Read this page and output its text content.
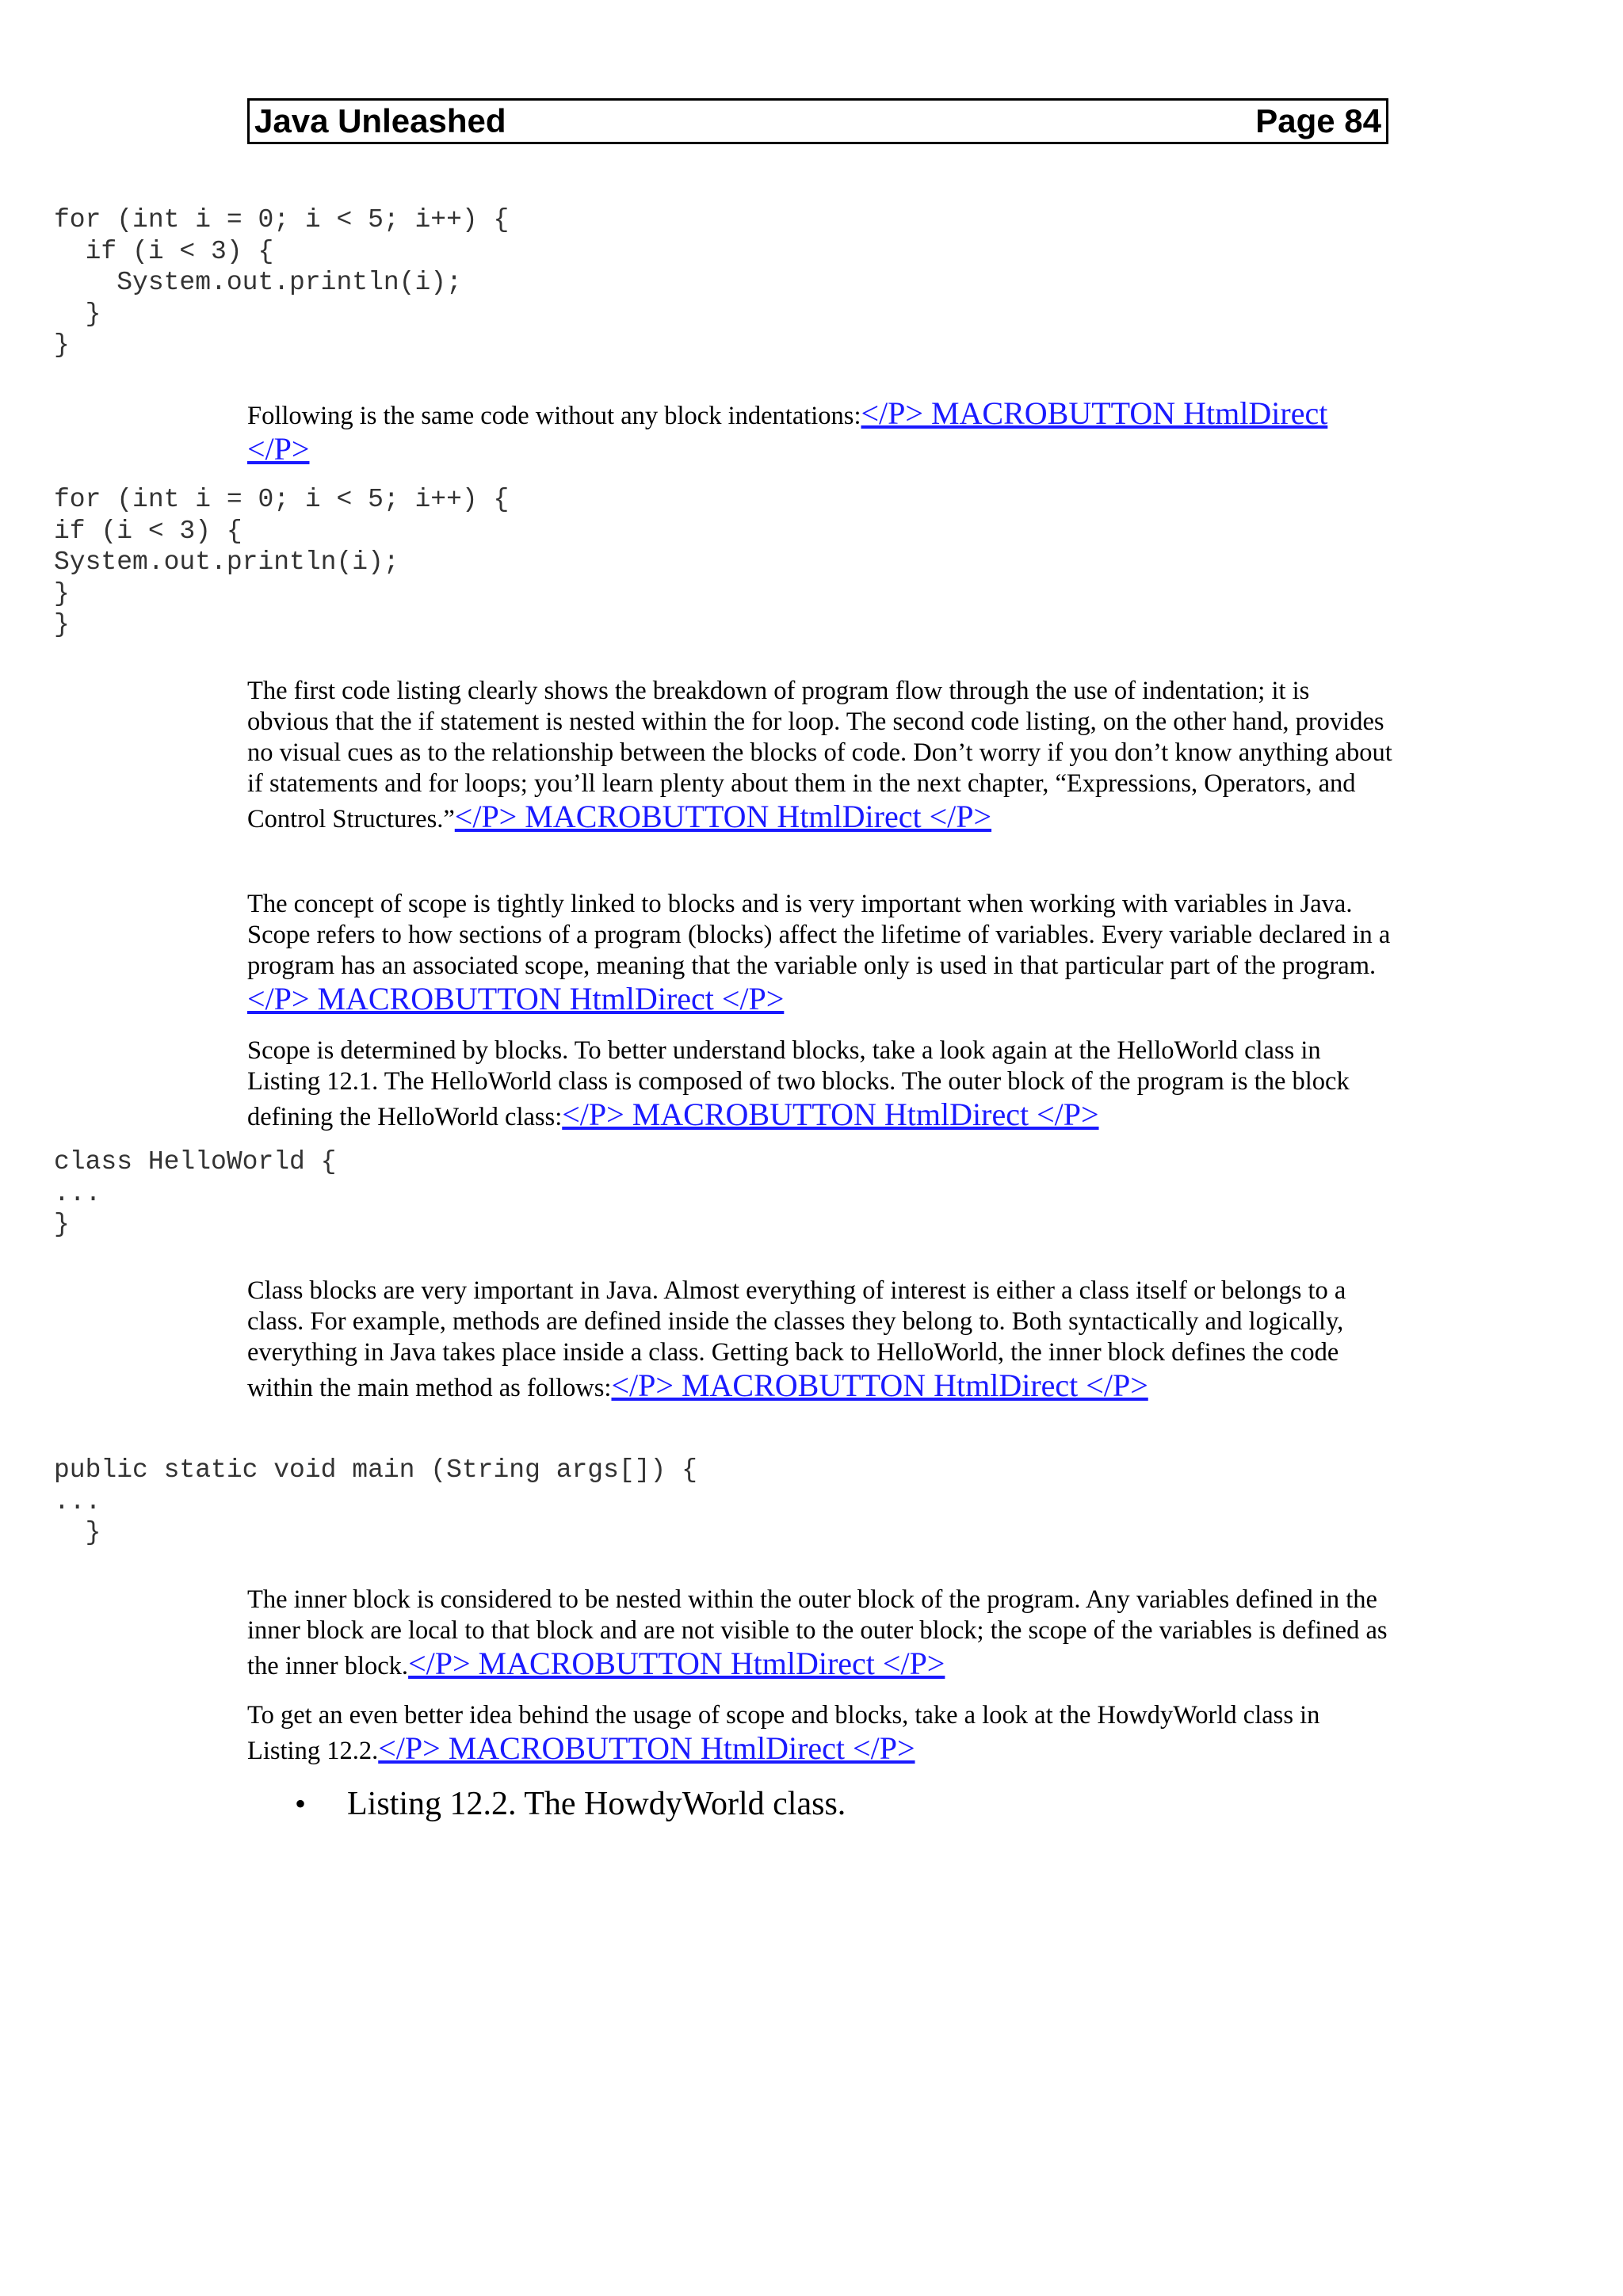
Java Unleashed	Page 84
for (int i = 0; i < 5; i++) {
if (i < 3) {
System.out.println(i);
}
}

Following is the same code without any block indentations:</P> MACROBUTTON HtmlDirect </P>

for (int i = 0; i < 5; i++) {
if (i < 3) {
System.out.println(i);
}
}

The first code listing clearly shows the breakdown of program flow through the use of indentation; it is obvious that the if statement is nested within the for loop. The second code listing, on the other hand, provides no visual cues as to the relationship between the blocks of code. Don’t worry if you don’t know anything about if statements and for loops; you’ll learn plenty about them in the next chapter, “Expressions, Operators, and Control Structures.”</P> MACROBUTTON HtmlDirect </P>

The concept of scope is tightly linked to blocks and is very important when working with variables in Java. Scope refers to how sections of a program (blocks) affect the lifetime of variables. Every variable declared in a program has an associated scope, meaning that the variable only is used in that particular part of the program.</P> MACROBUTTON HtmlDirect </P>

Scope is determined by blocks. To better understand blocks, take a look again at the HelloWorld class in Listing 12.1. The HelloWorld class is composed of two blocks. The outer block of the program is the block defining the HelloWorld class:</P> MACROBUTTON HtmlDirect </P>

class HelloWorld {
...
}

Class blocks are very important in Java. Almost everything of interest is either a class itself or belongs to a class. For example, methods are defined inside the classes they belong to. Both syntactically and logically, everything in Java takes place inside a class. Getting back to HelloWorld, the inner block defines the code within the main method as follows:</P> MACROBUTTON HtmlDirect </P>

public static void main (String args[]) {
...
}

The inner block is considered to be nested within the outer block of the program. Any variables defined in the inner block are local to that block and are not visible to the outer block; the scope of the variables is defined as the inner block.</P> MACROBUTTON HtmlDirect </P>

To get an even better idea behind the usage of scope and blocks, take a look at the HowdyWorld class in Listing 12.2.</P> MACROBUTTON HtmlDirect </P>

•	Listing 12.2. The HowdyWorld class.
